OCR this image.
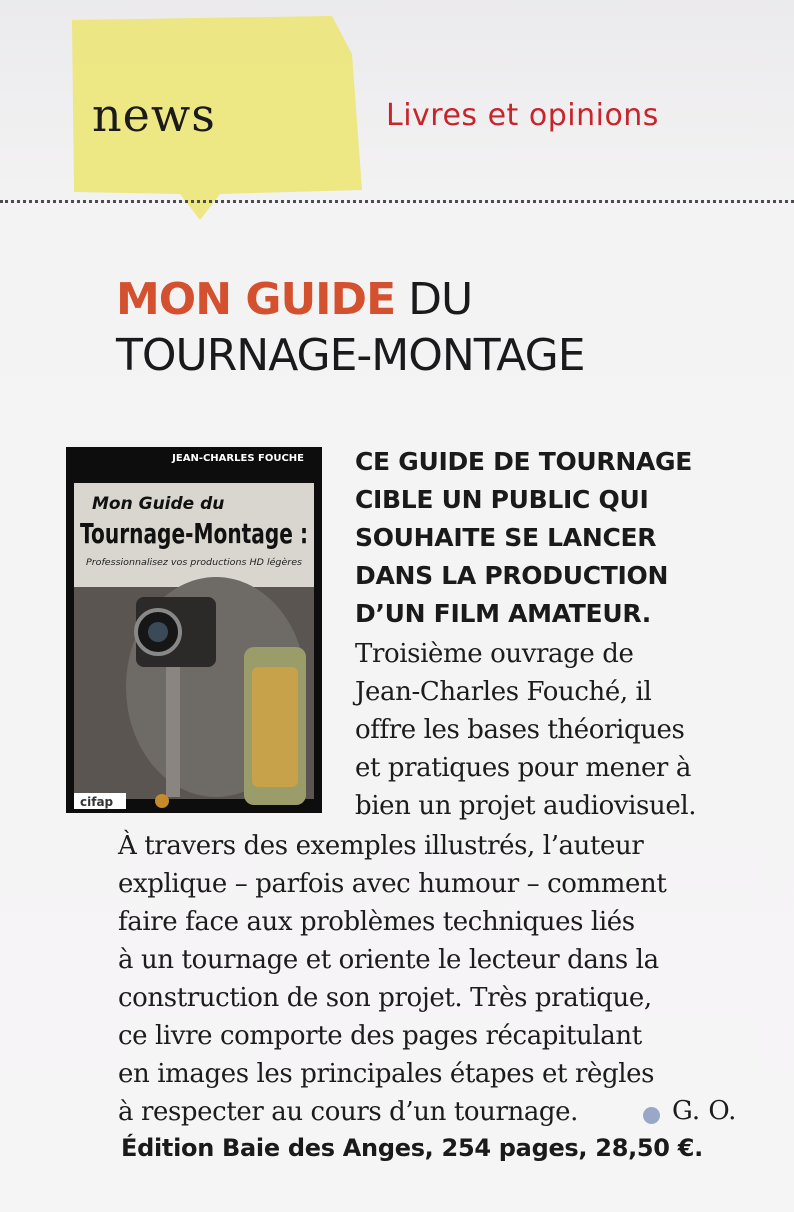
news	Livres et opinions
MON GUIDE DU
TOURNAGE-MONTAGE
JEAN-CHARLES FOUCHE
Mon Guide du
Tournage-Montage :
Professionnalisez vos productions HD légères
cifap
CE GUIDE DE TOURNAGE
CIBLE UN PUBLIC QUI
SOUHAITE SE LANCER
DANS LA PRODUCTION
D’UN FILM AMATEUR.
Troisième ouvrage de
Jean-Charles Fouché, il
offre les bases théoriques
et pratiques pour mener à
bien un projet audiovisuel.
À travers des exemples illustrés, l’auteur
explique – parfois avec humour – comment
faire face aux problèmes techniques liés
à un tournage et oriente le lecteur dans la
construction de son projet. Très pratique,
ce livre comporte des pages récapitulant
en images les principales étapes et règles
à respecter au cours d’un tournage.	G. O.
Édition Baie des Anges, 254 pages, 28,50 €.
